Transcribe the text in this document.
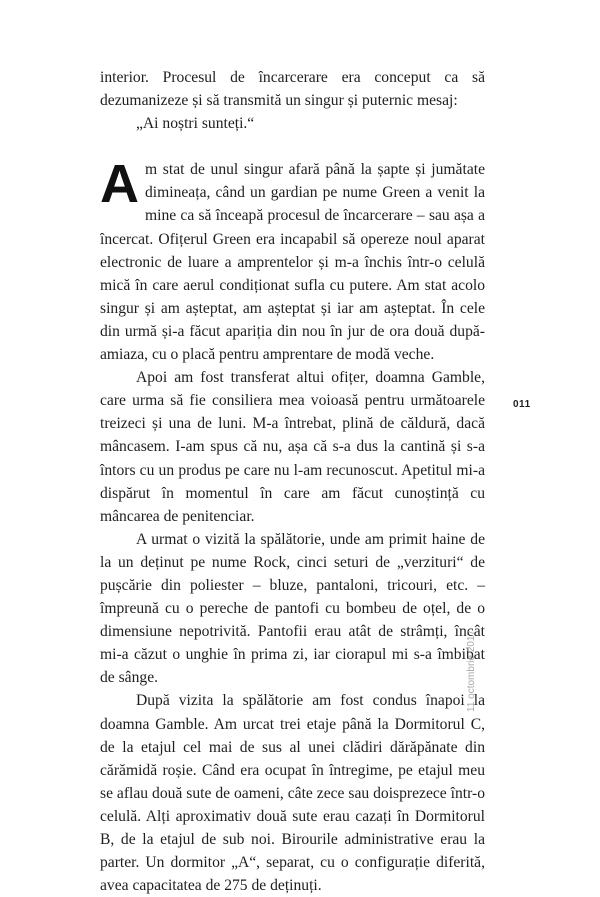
interior. Procesul de încarcerare era conceput ca să dezumanizeze și să transmită un singur și puternic mesaj:

„Ai noștri sunteți.“

Am stat de unul singur afară până la șapte și jumătate dimineața, când un gardian pe nume Green a venit la mine ca să înceapă procesul de încarcerare – sau așa a încercat. Ofițerul Green era incapabil să opereze noul aparat electronic de luare a amprentelor și m-a închis într-o celulă mică în care aerul condiționat sufla cu putere. Am stat acolo singur și am așteptat, am așteptat și iar am așteptat. În cele din urmă și-a făcut apariția din nou în jur de ora două după-amiaza, cu o placă pentru amprentare de modă veche.

Apoi am fost transferat altui ofițer, doamna Gamble, care urma să fie consiliera mea voioasă pentru următoarele treizeci și una de luni. M-a întrebat, plină de căldură, dacă mâncasem. I-am spus că nu, așa că s-a dus la cantină și s-a întors cu un produs pe care nu l-am recunoscut. Apetitul mi-a dispărut în momentul în care am făcut cunoștință cu mâncarea de penitenciar.

A urmat o vizită la spălătorie, unde am primit haine de la un deținut pe nume Rock, cinci seturi de „verzituri“ de pușcărie din poliester – bluze, pantaloni, tricouri, etc. – împreună cu o pereche de pantofi cu bombeu de oțel, de o dimensiune nepotrivită. Pantofii erau atât de strâmți, încât mi-a căzut o unghie în prima zi, iar ciorapul mi s-a îmbibat de sânge.

După vizita la spălătorie am fost condus înapoi la doamna Gamble. Am urcat trei etaje până la Dormitorul C, de la etajul cel mai de sus al unei clădiri dărăpănate din cărămidă roșie. Când era ocupat în întregime, pe etajul meu se aflau două sute de oameni, câte zece sau doisprezece într-o celulă. Alți aproximativ două sute erau cazați în Dormitorul B, de la etajul de sub noi. Birourile administrative erau la parter. Un dormitor „A“, separat, cu o configurație diferită, avea capacitatea de 275 de deținuți.

011
11 octombrie 2017
